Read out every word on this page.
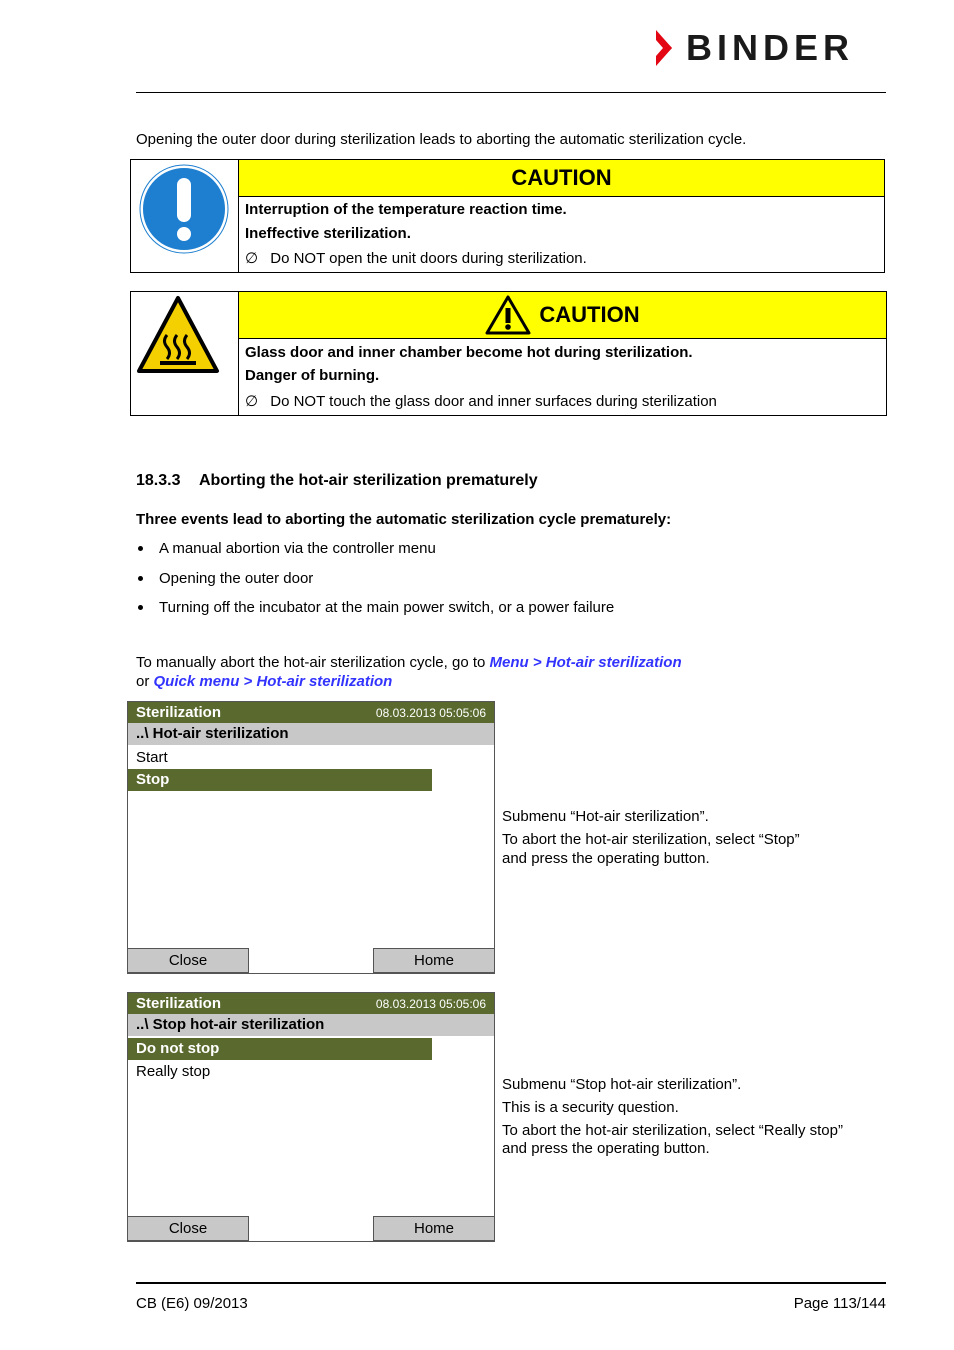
BINDER
Opening the outer door during sterilization leads to aborting the automatic sterilization cycle.
CAUTION
Interruption of the temperature reaction time.
Ineffective sterilization.
∅ Do NOT open the unit doors during sterilization.
CAUTION
Glass door and inner chamber become hot during sterilization.
Danger of burning.
∅ Do NOT touch the glass door and inner surfaces during sterilization
18.3.3 Aborting the hot-air sterilization prematurely
Three events lead to aborting the automatic sterilization cycle prematurely:
A manual abortion via the controller menu
Opening the outer door
Turning off the incubator at the main power switch, or a power failure
To manually abort the hot-air sterilization cycle, go to Menu > Hot-air sterilization
or Quick menu > Hot-air sterilization
Sterilization	08.03.2013 05:05:06
..\ Hot-air sterilization
Start
Stop
Close	Home
Submenu “Hot-air sterilization”.
To abort the hot-air sterilization, select “Stop”
and press the operating button.
Sterilization	08.03.2013 05:05:06
..\ Stop hot-air sterilization
Do not stop
Really stop
Close	Home
Submenu “Stop hot-air sterilization”.
This is a security question.
To abort the hot-air sterilization, select “Really stop”
and press the operating button.
CB (E6) 09/2013	Page 113/144
